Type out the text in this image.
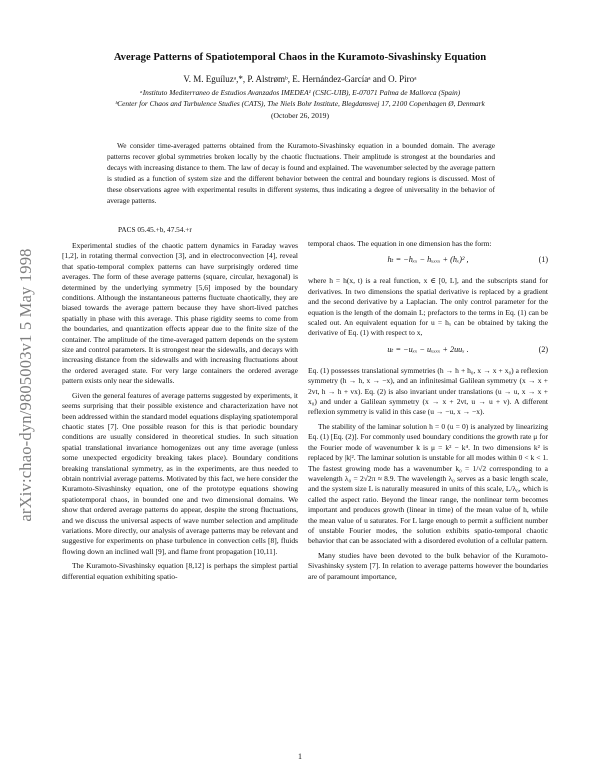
arXiv:chao-dyn/9805003v1 5 May 1998
Average Patterns of Spatiotemporal Chaos in the Kuramoto-Sivashinsky Equation
V. M. Eguíluzᵃ,*, P. Alstrømᵇ, E. Hernández-Garcíaᵃ and O. Piroᵃ
ᵃInstituto Mediterraneo de Estudios Avanzados IMEDEA¹ (CSIC-UIB), E-07071 Palma de Mallorca (Spain)
ᵇCenter for Chaos and Turbulence Studies (CATS), The Niels Bohr Institute, Blegdamsvej 17, 2100 Copenhagen Ø, Denmark
(October 26, 2019)

We consider time-averaged patterns obtained from the Kuramoto-Sivashinsky equation in a bounded domain. The average patterns recover global symmetries broken locally by the chaotic fluctuations. Their amplitude is strongest at the boundaries and decays with increasing distance to them. The law of decay is found and explained. The wavenumber selected by the average pattern is studied as a function of system size and the different behavior between the central and boundary regions is discussed. Most of these observations agree with experimental results in different systems, thus indicating a degree of universality in the behavior of average patterns.

PACS 05.45.+b, 47.54.+r

Experimental studies of the chaotic pattern dynamics in Faraday waves [1,2], in rotating thermal convection [3], and in electroconvection [4], reveal that spatio-temporal complex patterns can have surprisingly ordered time averages. The form of these average patterns (square, circular, hexagonal) is determined by the underlying symmetry [5,6] imposed by the boundary conditions. Although the instantaneous patterns fluctuate chaotically, they are biased towards the average pattern because they have short-lived patches spatially in phase with this average. This phase rigidity seems to come from the boundaries, and quantization effects appear due to the finite size of the container. The amplitude of the time-averaged pattern depends on the system size and control parameters. It is strongest near the sidewalls, and decays with increasing distance from the sidewalls and with increasing fluctuations about the ordered averaged state. For very large containers the ordered average pattern exists only near the sidewalls.

Given the general features of average patterns suggested by experiments, it seems surprising that their possible existence and characterization have not been addressed within the standard model equations displaying spatiotemporal chaotic states [7]. One possible reason for this is that periodic boundary conditions are usually considered in theoretical studies. In such situation spatial translational invariance homogenizes out any time average (unless some unexpected ergodicity breaking takes place). Boundary conditions breaking translational symmetry, as in the experiments, are thus needed to obtain nontrivial average patterns. Motivated by this fact, we here consider the Kuramoto-Sivashinsky equation, one of the prototype equations showing spatiotemporal chaos, in bounded one and two dimensional domains. We show that ordered average patterns do appear, despite the strong fluctuations, and we discuss the universal aspects of wave number selection and amplitude variations. More directly, our analysis of average patterns may be relevant and suggestive for experiments on phase turbulence in convection cells [8], fluids flowing down an inclined wall [9], and flame front propagation [10,11].

The Kuramoto-Sivashinsky equation [8,12] is perhaps the simplest partial differential equation exhibiting spatio-

temporal chaos. The equation in one dimension has the form:

hₜ = −hₓₓ − hₓₓₓₓ + (hₓ)² ,	(1)

where h = h(x, t) is a real function, x ∈ [0, L], and the subscripts stand for derivatives. In two dimensions the spatial derivative is replaced by a gradient and the second derivative by a Laplacian. The only control parameter for the equation is the length of the domain L; prefactors to the terms in Eq. (1) can be scaled out. An equivalent equation for u = hₓ can be obtained by taking the derivative of Eq. (1) with respect to x,

uₜ = −uₓₓ − uₓₓₓₓ + 2uuₓ .	(2)

Eq. (1) possesses translational symmetries (h → h + h₀, x → x + x₀) a reflexion symmetry (h → h, x → −x), and an infinitesimal Galilean symmetry (x → x + 2vt, h → h + vx). Eq. (2) is also invariant under translations (u → u, x → x + x₀) and under a Galilean symmetry (x → x + 2vt, u → u + v). A different reflexion symmetry is valid in this case (u → −u, x → −x).

The stability of the laminar solution h = 0 (u = 0) is analyzed by linearizing Eq. (1) [Eq. (2)]. For commonly used boundary conditions the growth rate μ for the Fourier mode of wavenumber k is μ = k² − k⁴. In two dimensions k² is replaced by |k|². The laminar solution is unstable for all modes within 0 < k < 1. The fastest growing mode has a wavenumber k₀ = 1/√2 corresponding to a wavelength λ₀ = 2√2π ≈ 8.9. The wavelength λ₀ serves as a basic length scale, and the system size L is naturally measured in units of this scale, L/λ₀, which is called the aspect ratio. Beyond the linear range, the nonlinear term becomes important and produces growth (linear in time) of the mean value of h, while the mean value of u saturates. For L large enough to permit a sufficient number of unstable Fourier modes, the solution exhibits spatio-temporal chaotic behavior that can be associated with a disordered evolution of a cellular pattern.

Many studies have been devoted to the bulk behavior of the Kuramoto-Sivashinsky system [7]. In relation to average patterns however the boundaries are of paramount importance,

1
